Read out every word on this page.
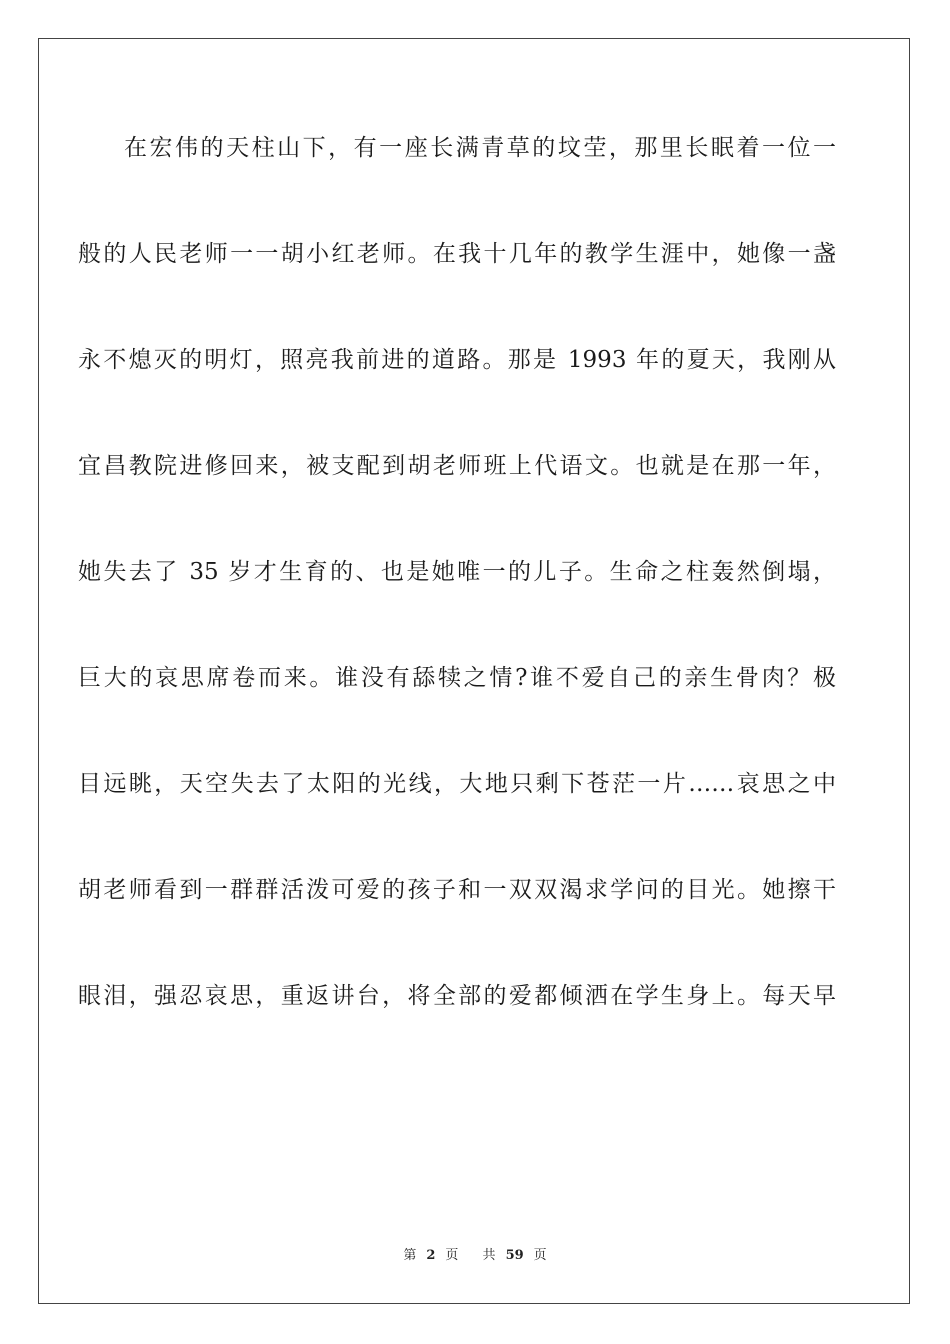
在宏伟的天柱山下，有一座长满青草的坟茔，那里长眠着一位一
般的人民老师一一胡小红老师。在我十几年的教学生涯中，她像一盏
永不熄灭的明灯，照亮我前进的道路。那是 1993 年的夏天，我刚从
宜昌教院进修回来，被支配到胡老师班上代语文。也就是在那一年，
她失去了 35 岁才生育的、也是她唯一的儿子。生命之柱轰然倒塌，
巨大的哀思席卷而来。谁没有舔犊之情?谁不爱自己的亲生骨肉？极
目远眺，天空失去了太阳的光线，大地只剩下苍茫一片……哀思之中
胡老师看到一群群活泼可爱的孩子和一双双渴求学问的目光。她擦干
眼泪，强忍哀思，重返讲台，将全部的爱都倾洒在学生身上。每天早
第 2 页 共 59 页
